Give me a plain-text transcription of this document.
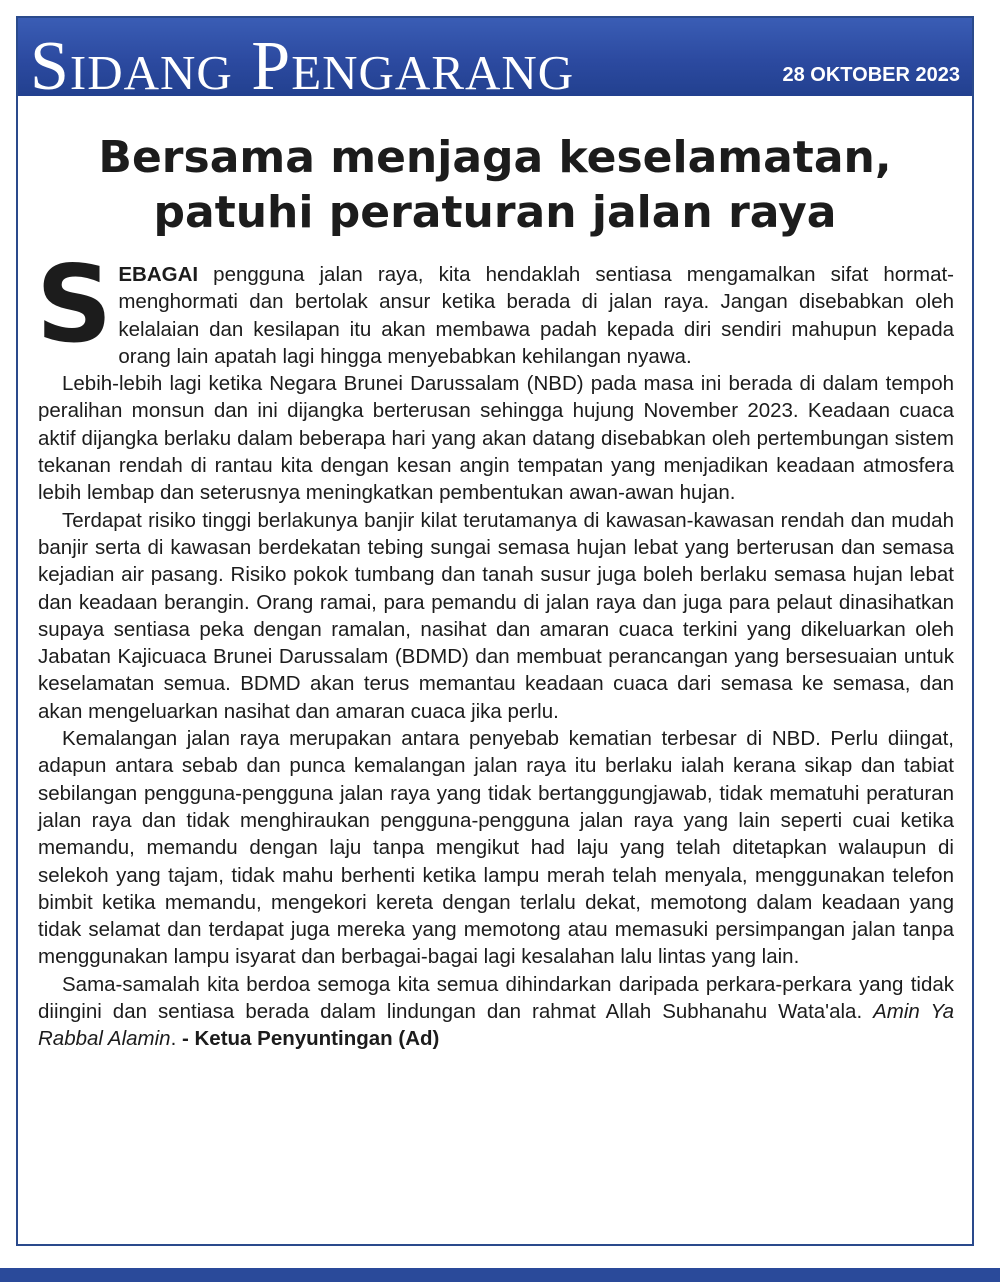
Sidang Pengarang	28 OKTOBER 2023
Bersama menjaga keselamatan,
patuhi peraturan jalan raya

SEBAGAI pengguna jalan raya, kita hendaklah sentiasa mengamalkan sifat hormat-menghormati dan bertolak ansur ketika berada di jalan raya. Jangan disebabkan oleh kelalaian dan kesilapan itu akan membawa padah kepada diri sendiri mahupun kepada orang lain apatah lagi hingga menyebabkan kehilangan nyawa.

Lebih-lebih lagi ketika Negara Brunei Darussalam (NBD) pada masa ini berada di dalam tempoh peralihan monsun dan ini dijangka berterusan sehingga hujung November 2023. Keadaan cuaca aktif dijangka berlaku dalam beberapa hari yang akan datang disebabkan oleh pertembungan sistem tekanan rendah di rantau kita dengan kesan angin tempatan yang menjadikan keadaan atmosfera lebih lembap dan seterusnya meningkatkan pembentukan awan-awan hujan.

Terdapat risiko tinggi berlakunya banjir kilat terutamanya di kawasan-kawasan rendah dan mudah banjir serta di kawasan berdekatan tebing sungai semasa hujan lebat yang berterusan dan semasa kejadian air pasang. Risiko pokok tumbang dan tanah susur juga boleh berlaku semasa hujan lebat dan keadaan berangin. Orang ramai, para pemandu di jalan raya dan juga para pelaut dinasihatkan supaya sentiasa peka dengan ramalan, nasihat dan amaran cuaca terkini yang dikeluarkan oleh Jabatan Kajicuaca Brunei Darussalam (BDMD) dan membuat perancangan yang bersesuaian untuk keselamatan semua. BDMD akan terus memantau keadaan cuaca dari semasa ke semasa, dan akan mengeluarkan nasihat dan amaran cuaca jika perlu.

Kemalangan jalan raya merupakan antara penyebab kematian terbesar di NBD. Perlu diingat, adapun antara sebab dan punca kemalangan jalan raya itu berlaku ialah kerana sikap dan tabiat sebilangan pengguna-pengguna jalan raya yang tidak bertanggungjawab, tidak mematuhi peraturan jalan raya dan tidak menghiraukan pengguna-pengguna jalan raya yang lain seperti cuai ketika memandu, memandu dengan laju tanpa mengikut had laju yang telah ditetapkan walaupun di selekoh yang tajam, tidak mahu berhenti ketika lampu merah telah menyala, menggunakan telefon bimbit ketika memandu, mengekori kereta dengan terlalu dekat, memotong dalam keadaan yang tidak selamat dan terdapat juga mereka yang memotong atau memasuki persimpangan jalan tanpa menggunakan lampu isyarat dan berbagai-bagai lagi kesalahan lalu lintas yang lain.

Sama-samalah kita berdoa semoga kita semua dihindarkan daripada perkara-perkara yang tidak diingini dan sentiasa berada dalam lindungan dan rahmat Allah Subhanahu Wata'ala. Amin Ya Rabbal Alamin. - Ketua Penyuntingan (Ad)
